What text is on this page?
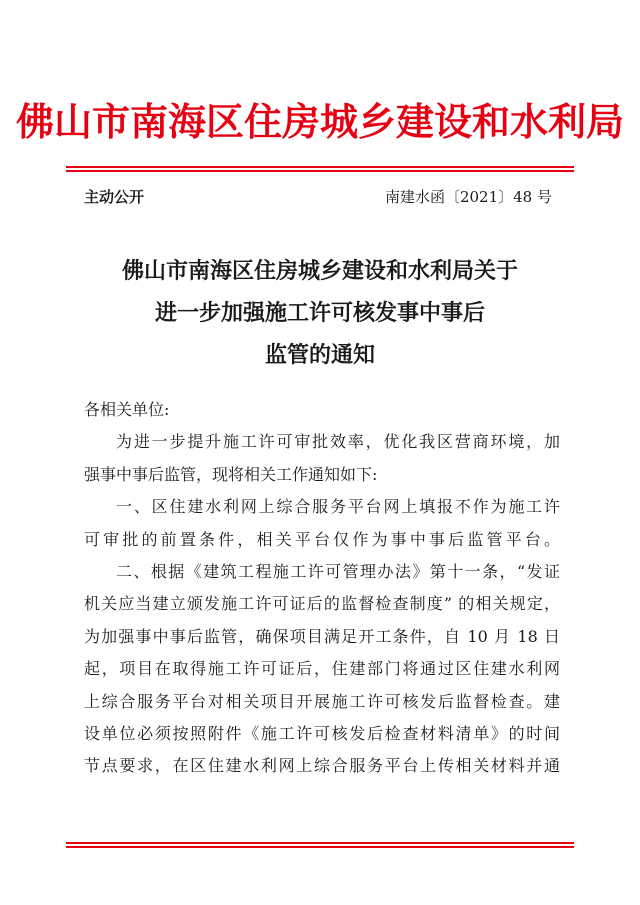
佛山市南海区住房城乡建设和水利局
主动公开	南建水函〔2021〕48 号
佛山市南海区住房城乡建设和水利局关于
进一步加强施工许可核发事中事后
监管的通知
各相关单位:
为进一步提升施工许可审批效率，优化我区营商环境，加
强事中事后监管，现将相关工作通知如下:
一、区住建水利网上综合服务平台网上填报不作为施工许
可审批的前置条件，相关平台仅作为事中事后监管平台。
二、根据《建筑工程施工许可管理办法》第十一条，“发证
机关应当建立颁发施工许可证后的监督检查制度” 的相关规定，
为加强事中事后监管，确保项目满足开工条件，自 10 月 18 日
起，项目在取得施工许可证后，住建部门将通过区住建水利网
上综合服务平台对相关项目开展施工许可核发后监督检查。建
设单位必须按照附件《施工许可核发后检查材料清单》的时间
节点要求，在区住建水利网上综合服务平台上传相关材料并通
